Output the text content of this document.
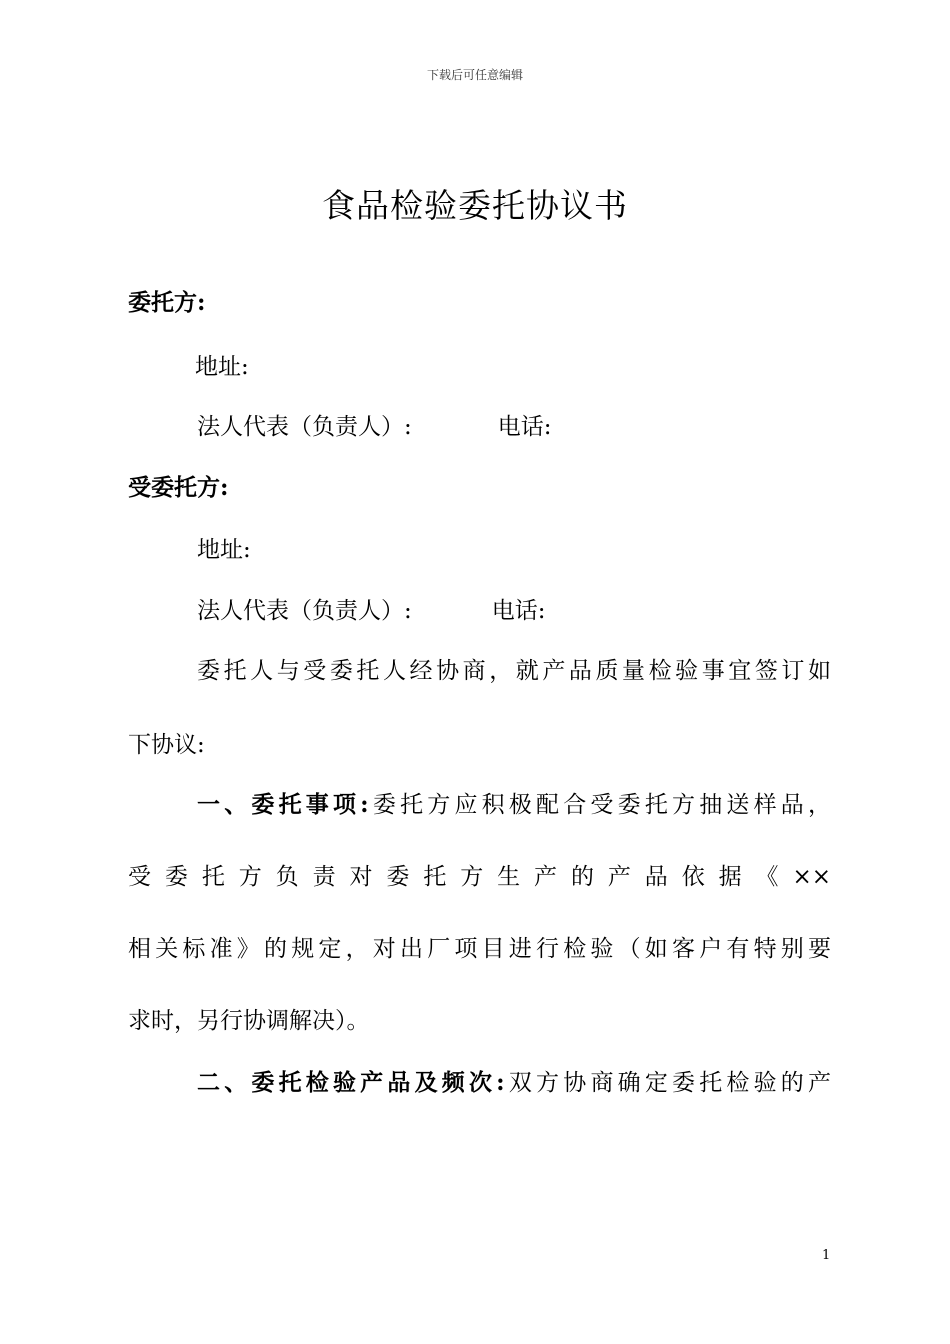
下载后可任意编辑
食品检验委托协议书
委托方:
地址:
法人代表（负责人）:	电话:
受委托方:
地址:
法人代表（负责人）:	电话:
委托人与受委托人经协商，就产品质量检验事宜签订如
下协议:
一、委托事项:委托方应积极配合受委托方抽送样品，
受委托方负责对委托方生产的产品依据《××
相关标准》的规定，对出厂项目进行检验（如客户有特别要
求时，另行协调解决）。
二、委托检验产品及频次:双方协商确定委托检验的产
1
